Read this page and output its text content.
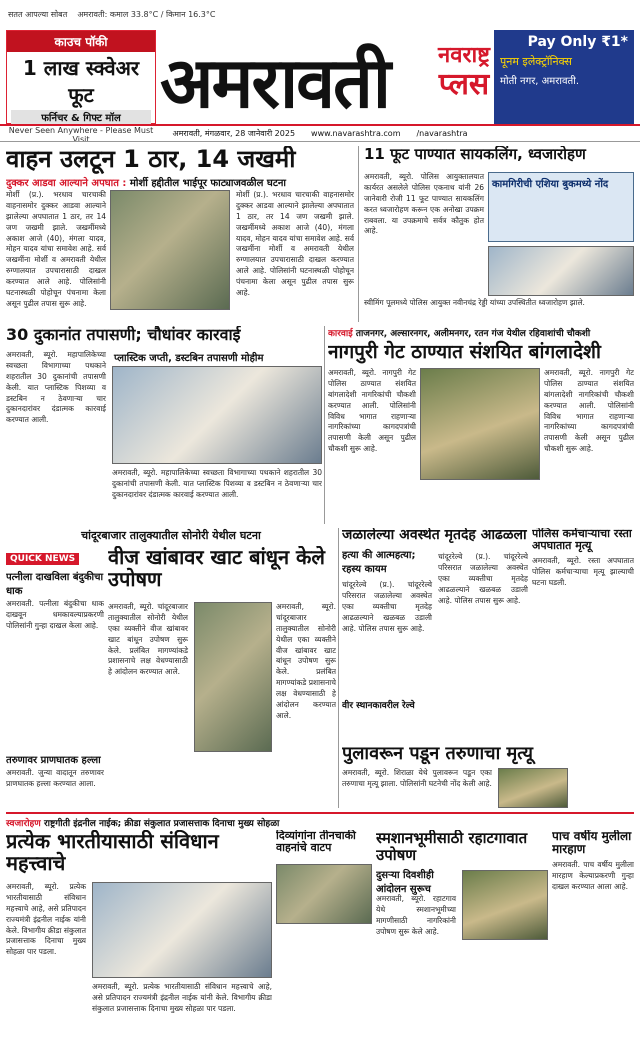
सतत आपल्या सोबत अमरावती: कमाल 33.8°C / किमान 16.3°C
काउच पॉकी
1 लाख स्क्वेअर फूट
फर्निचर & गिफ्ट मॉल
Never Seen Anywhere - Please Must Visit
अमरावती नवराष्ट्र
प्लस
Pay Only ₹1*
पूनम इलेक्ट्रॉनिक्स
मोती नगर, अमरावती.
अमरावती, मंगळवार, 28 जानेवारी 2025 www.navarashtra.com /navarashtra
वाहन उलटून 1 ठार, 14 जखमी
दुक्कर आडवा आल्याने अपघात : मोर्शी हद्दीतील भाईपूर फाट्याजवळील घटना
मोर्शी (प्र.). भरधाव चारचाकी वाहनासमोर दुक्कर आडवा आल्याने झालेल्या अपघातात 1 ठार, तर 14 जण जखमी झाले. जखमींमध्ये अकाश आजे (40), मंगला यादव, मोहन यादव यांचा समावेश आहे. सर्व जखमींना मोर्शी व अमरावती येथील रुग्णालयात उपचारासाठी दाखल करण्यात आले आहे. पोलिसांनी घटनास्थळी पोहोचून पंचनामा केला असून पुढील तपास सुरू आहे.
मोर्शी (प्र.). भरधाव चारचाकी वाहनासमोर दुक्कर आडवा आल्याने झालेल्या अपघातात 1 ठार, तर 14 जण जखमी झाले. जखमींमध्ये अकाश आजे (40), मंगला यादव, मोहन यादव यांचा समावेश आहे. सर्व जखमींना मोर्शी व अमरावती येथील रुग्णालयात उपचारासाठी दाखल करण्यात आले आहे. पोलिसांनी घटनास्थळी पोहोचून पंचनामा केला असून पुढील तपास सुरू आहे.
11 फूट पाण्यात सायकलिंग, ध्वजारोहण
अमरावती, ब्यूरो. पोलिस आयुक्तालयात कार्यरत असलेले पोलिस एकनाथ यांनी 26 जानेवारी रोजी 11 फूट पाण्यात सायकलिंग करत ध्वजारोहण करून एक अनोखा उपक्रम राबवला. या उपक्रमाचे सर्वत्र कौतुक होत आहे.
कामगिरीची एशिया बुकमध्ये नोंद
स्वीमिंग पूलमध्ये पोलिस आयुक्त नवीनचंद्र रेड्डी यांच्या उपस्थितीत ध्वजारोहण झाले.
30 दुकानांत तपासणी; चौधांवर कारवाई
प्लास्टिक जप्ती, डस्टबिन तपासणी मोहीम
अमरावती, ब्यूरो. महापालिकेच्या स्वच्छता विभागाच्या पथकाने शहरातील 30 दुकानांची तपासणी केली. यात प्लास्टिक पिशव्या व डस्टबिन न ठेवणाऱ्या चार दुकानदारांवर दंडात्मक कारवाई करण्यात आली.
अमरावती, ब्यूरो. महापालिकेच्या स्वच्छता विभागाच्या पथकाने शहरातील 30 दुकानांची तपासणी केली. यात प्लास्टिक पिशव्या व डस्टबिन न ठेवणाऱ्या चार दुकानदारांवर दंडात्मक कारवाई करण्यात आली.
कारवाई ताजनगर, अल्सारनगर, अलीमनगर, रतन गंज येथील रहिवाशांची चौकशी
नागपुरी गेट ठाण्यात संशयित बांगलादेशी
अमरावती, ब्यूरो. नागपुरी गेट पोलिस ठाण्यात संशयित बांगलादेशी नागरिकांची चौकशी करण्यात आली. पोलिसांनी विविध भागात राहणाऱ्या नागरिकांच्या कागदपत्रांची तपासणी केली असून पुढील चौकशी सुरू आहे.
अमरावती, ब्यूरो. नागपुरी गेट पोलिस ठाण्यात संशयित बांगलादेशी नागरिकांची चौकशी करण्यात आली. पोलिसांनी विविध भागात राहणाऱ्या नागरिकांच्या कागदपत्रांची तपासणी केली असून पुढील चौकशी सुरू आहे.
चांदूरबाजार तालुक्यातील सोनोरी येथील घटना
QUICK NEWS
पत्नीला दाखविला बंदुकीचा धाक
अमरावती. पत्नीला बंदुकीचा धाक दाखवून धमकावल्याप्रकरणी पोलिसांनी गुन्हा दाखल केला आहे.
तरुणावर प्राणघातक हल्ला
अमरावती. जुन्या वादातून तरुणावर प्राणघातक हल्ला करण्यात आला.
वीज खांबावर खाट बांधून केले उपोषण
अमरावती, ब्यूरो. चांदूरबाजार तालुक्यातील सोनोरी येथील एका व्यक्तीने वीज खांबावर खाट बांधून उपोषण सुरू केले. प्रलंबित मागण्यांकडे प्रशासनाचे लक्ष वेधण्यासाठी हे आंदोलन करण्यात आले.
अमरावती, ब्यूरो. चांदूरबाजार तालुक्यातील सोनोरी येथील एका व्यक्तीने वीज खांबावर खाट बांधून उपोषण सुरू केले. प्रलंबित मागण्यांकडे प्रशासनाचे लक्ष वेधण्यासाठी हे आंदोलन करण्यात आले.
जळालेल्या अवस्थेत मृतदेह आढळला
हत्या की आत्महत्या; रहस्य कायम
चांदूररेल्वे (प्र.). चांदूररेल्वे परिसरात जळालेल्या अवस्थेत एका व्यक्तीचा मृतदेह आढळल्याने खळबळ उडाली आहे. पोलिस तपास सुरू आहे.
वीर स्थानकावरील रेल्वे
चांदूररेल्वे (प्र.). चांदूररेल्वे परिसरात जळालेल्या अवस्थेत एका व्यक्तीचा मृतदेह आढळल्याने खळबळ उडाली आहे. पोलिस तपास सुरू आहे.
पोलिस कर्मचाऱ्याचा रस्ता अपघातात मृत्यू
अमरावती, ब्यूरो. रस्ता अपघातात पोलिस कर्मचाऱ्याचा मृत्यू झाल्याची घटना घडली.
पुलावरून पडून तरुणाचा मृत्यू
अमरावती, ब्यूरो. शिराळा येथे पुलावरून पडून एका तरुणाचा मृत्यू झाला. पोलिसांनी घटनेची नोंद केली आहे.
स्वजारोहण राष्ट्रगीती इंद्रनील नाईक; क्रीडा संकुलात प्रजासत्ताक दिनाचा मुख्य सोहळा
प्रत्येक भारतीयासाठी संविधान महत्त्वाचे
अमरावती, ब्यूरो. प्रत्येक भारतीयासाठी संविधान महत्त्वाचे आहे, असे प्रतिपादन राज्यमंत्री इंद्रनील नाईक यांनी केले. विभागीय क्रीडा संकुलात प्रजासत्ताक दिनाचा मुख्य सोहळा पार पडला.
अमरावती, ब्यूरो. प्रत्येक भारतीयासाठी संविधान महत्त्वाचे आहे, असे प्रतिपादन राज्यमंत्री इंद्रनील नाईक यांनी केले. विभागीय क्रीडा संकुलात प्रजासत्ताक दिनाचा मुख्य सोहळा पार पडला.
दिव्यांगांना तीनचाकी वाहनांचे वाटप
स्मशानभूमीसाठी रहाटगावात उपोषण
दुसऱ्या दिवशीही आंदोलन सुरूच
अमरावती, ब्यूरो. रहाटगाव येथे स्मशानभूमीच्या मागणीसाठी नागरिकांनी उपोषण सुरू केले आहे.
पाच वर्षीय मुलीला मारहाण
अमरावती. पाच वर्षीय मुलीला मारहाण केल्याप्रकरणी गुन्हा दाखल करण्यात आला आहे.
